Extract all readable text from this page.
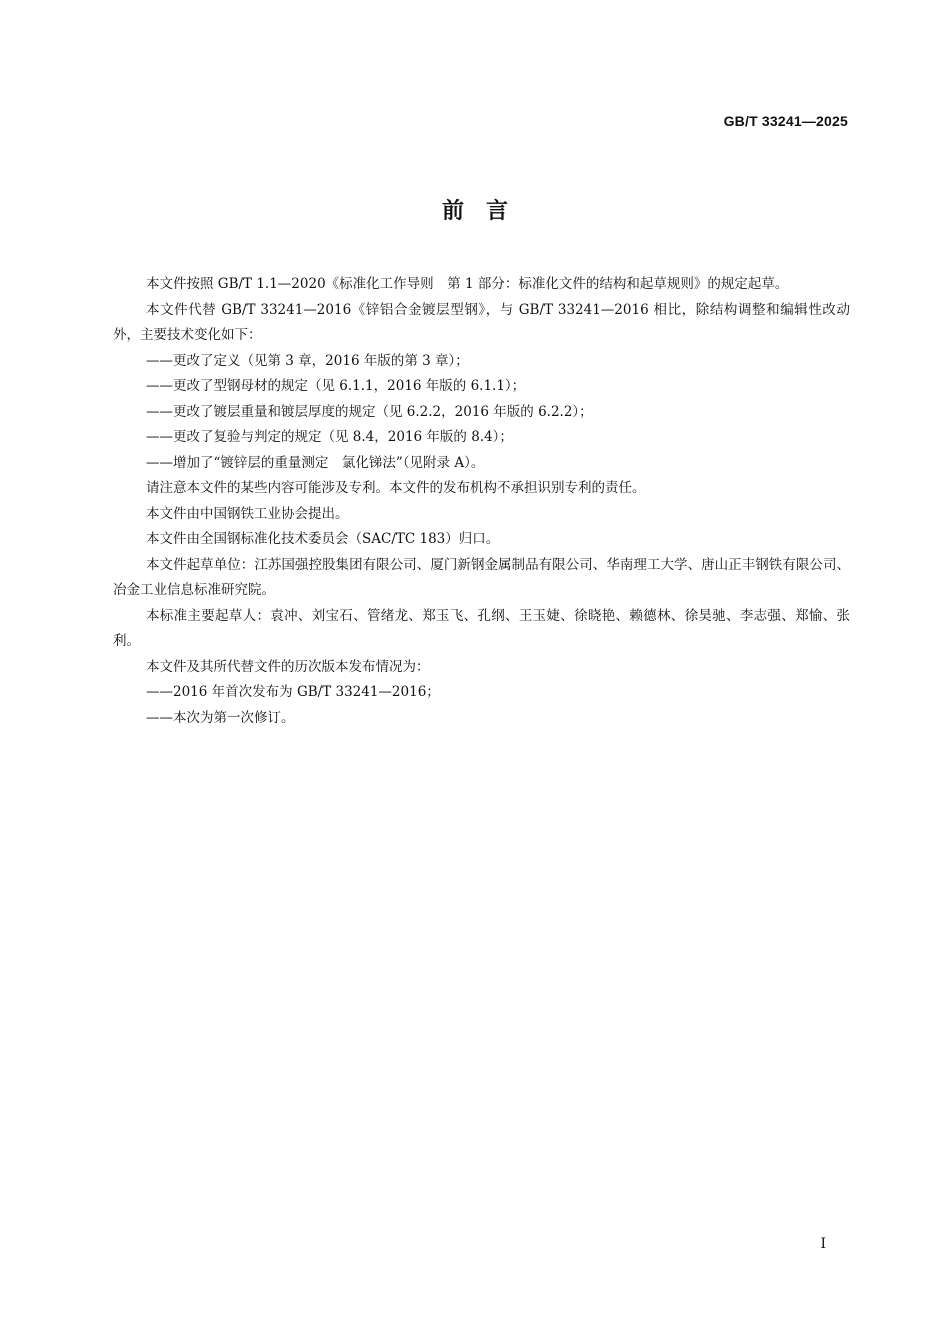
GB/T 33241—2025
前　言

本文件按照 GB/T 1.1—2020《标准化工作导则　第 1 部分：标准化文件的结构和起草规则》的规定起草。

本文件代替 GB/T 33241—2016《锌铝合金镀层型钢》，与 GB/T 33241—2016 相比，除结构调整和编辑性改动外，主要技术变化如下：

——更改了定义（见第 3 章，2016 年版的第 3 章）；

——更改了型钢母材的规定（见 6.1.1，2016 年版的 6.1.1）；

——更改了镀层重量和镀层厚度的规定（见 6.2.2，2016 年版的 6.2.2）；

——更改了复验与判定的规定（见 8.4，2016 年版的 8.4）；

——增加了“镀锌层的重量测定　氯化锑法”（见附录 A）。

请注意本文件的某些内容可能涉及专利。本文件的发布机构不承担识别专利的责任。

本文件由中国钢铁工业协会提出。

本文件由全国钢标准化技术委员会（SAC/TC 183）归口。

本文件起草单位：江苏国强控股集团有限公司、厦门新钢金属制品有限公司、华南理工大学、唐山正丰钢铁有限公司、冶金工业信息标准研究院。

本标准主要起草人：袁冲、刘宝石、管绪龙、郑玉飞、孔纲、王玉婕、徐晓艳、赖德林、徐昊驰、李志强、郑愉、张利。

本文件及其所代替文件的历次版本发布情况为：

——2016 年首次发布为 GB/T 33241—2016；

——本次为第一次修订。

I
